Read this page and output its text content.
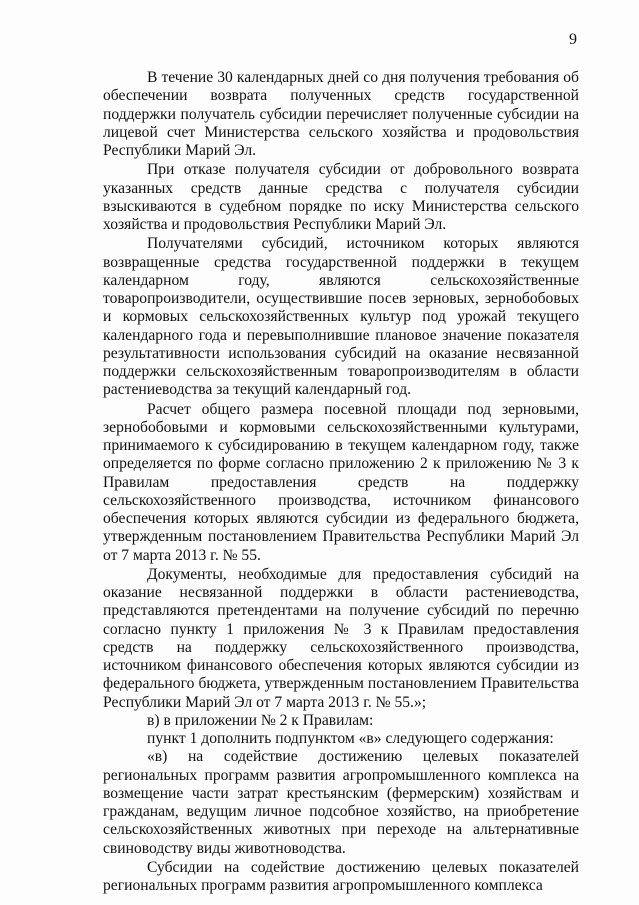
9

В течение 30 календарных дней со дня получения требования об обеспечении возврата полученных средств государственной поддержки получатель субсидии перечисляет полученные субсидии на лицевой счет Министерства сельского хозяйства и продовольствия Республики Марий Эл.

При отказе получателя субсидии от добровольного возврата указанных средств данные средства с получателя субсидии взыскиваются в судебном порядке по иску Министерства сельского хозяйства и продовольствия Республики Марий Эл.

Получателями субсидий, источником которых являются возвращенные средства государственной поддержки в текущем календарном году, являются сельскохозяйственные товаропроизводители, осуществившие посев зерновых, зернобобовых и кормовых сельскохозяйственных культур под урожай текущего календарного года и перевыполнившие плановое значение показателя результативности использования субсидий на оказание несвязанной поддержки сельскохозяйственным товаропроизводителям в области растениеводства за текущий календарный год.

Расчет общего размера посевной площади под зерновыми, зернобобовыми и кормовыми сельскохозяйственными культурами, принимаемого к субсидированию в текущем календарном году, также определяется по форме согласно приложению 2 к приложению № 3 к Правилам предоставления средств на поддержку сельскохозяйственного производства, источником финансового обеспечения которых являются субсидии из федерального бюджета, утвержденным постановлением Правительства Республики Марий Эл от 7 марта 2013 г. № 55.

Документы, необходимые для предоставления субсидий на оказание несвязанной поддержки в области растениеводства, представляются претендентами на получение субсидий по перечню согласно пункту 1 приложения № 3 к Правилам предоставления средств на поддержку сельскохозяйственного производства, источником финансового обеспечения которых являются субсидии из федерального бюджета, утвержденным постановлением Правительства Республики Марий Эл от 7 марта 2013 г. № 55.»;

в) в приложении № 2 к Правилам:

пункт 1 дополнить подпунктом «в» следующего содержания:

«в) на содействие достижению целевых показателей региональных программ развития агропромышленного комплекса на возмещение части затрат крестьянским (фермерским) хозяйствам и гражданам, ведущим личное подсобное хозяйство, на приобретение сельскохозяйственных животных при переходе на альтернативные свиноводству виды животноводства.

Субсидии на содействие достижению целевых показателей региональных программ развития агропромышленного комплекса
